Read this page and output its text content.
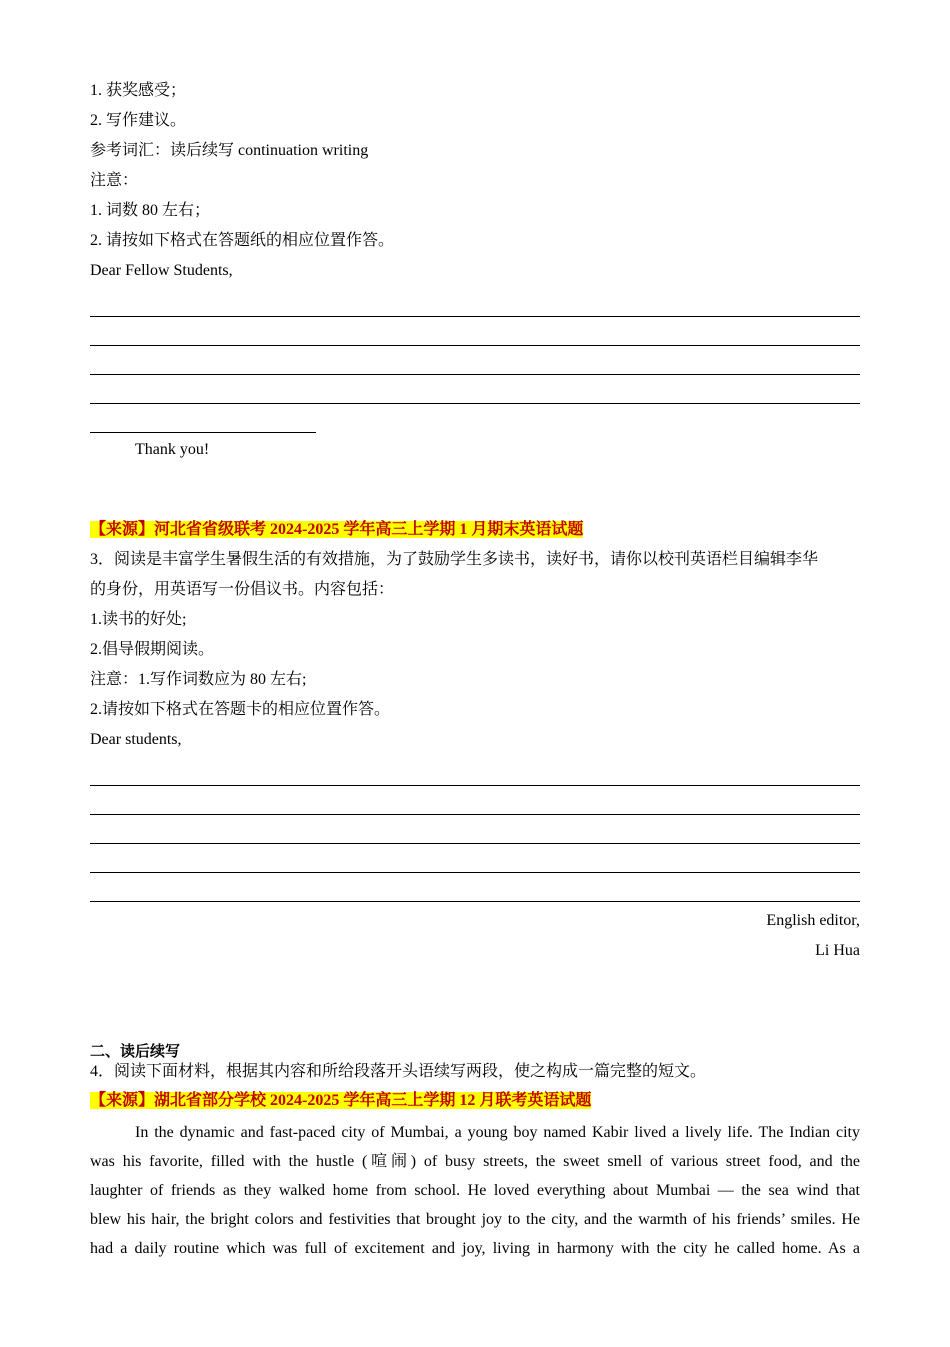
1. 获奖感受；
2. 写作建议。
参考词汇：读后续写 continuation writing
注意：
1. 词数 80 左右；
2. 请按如下格式在答题纸的相应位置作答。
Dear Fellow Students,
Thank you!
【来源】河北省省级联考 2024-2025 学年高三上学期 1 月期末英语试题
3．阅读是丰富学生暑假生活的有效措施，为了鼓励学生多读书，读好书，请你以校刊英语栏目编辑李华
的身份，用英语写一份倡议书。内容包括：
1.读书的好处;
2.倡导假期阅读。
注意：1.写作词数应为 80 左右;
2.请按如下格式在答题卡的相应位置作答。
Dear students,
English editor,
Li Hua
二、读后续写
4．阅读下面材料，根据其内容和所给段落开头语续写两段，使之构成一篇完整的短文。
【来源】湖北省部分学校 2024-2025 学年高三上学期 12 月联考英语试题
In the dynamic and fast-paced city of Mumbai, a young boy named Kabir lived a lively life. The Indian city
was his favorite, filled with the hustle (喧闹) of busy streets, the sweet smell of various street food, and the
laughter of friends as they walked home from school. He loved everything about Mumbai — the sea wind that
blew his hair, the bright colors and festivities that brought joy to the city, and the warmth of his friends’ smiles. He
had a daily routine which was full of excitement and joy, living in harmony with the city he called home. As a
